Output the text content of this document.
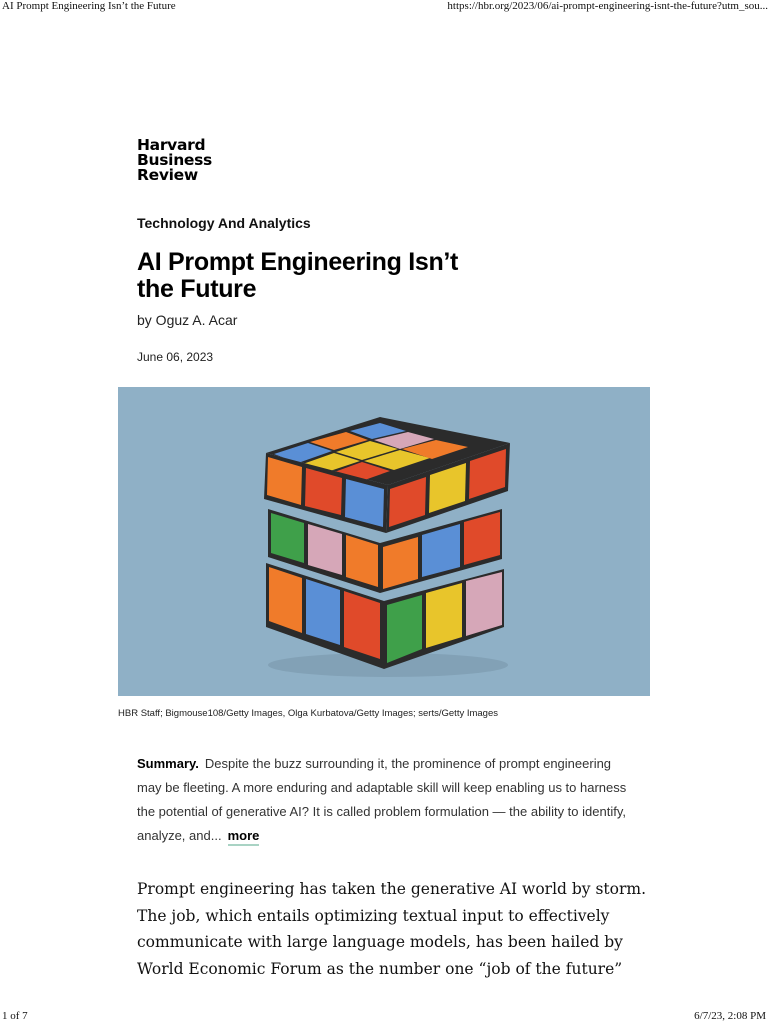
AI Prompt Engineering Isn’t the Future	https://hbr.org/2023/06/ai-prompt-engineering-isnt-the-future?utm_sou...
Harvard
Business
Review
Technology And Analytics
AI Prompt Engineering Isn’t the Future
by Oguz A. Acar
June 06, 2023
HBR Staff; Bigmouse108/Getty Images, Olga Kurbatova/Getty Images; serts/Getty Images
Summary. Despite the buzz surrounding it, the prominence of prompt engineering may be fleeting. A more enduring and adaptable skill will keep enabling us to harness the potential of generative AI? It is called problem formulation — the ability to identify, analyze, and... more
Prompt engineering has taken the generative AI world by storm. The job, which entails optimizing textual input to effectively communicate with large language models, has been hailed by World Economic Forum as the number one “job of the future”
1 of 7	6/7/23, 2:08 PM
